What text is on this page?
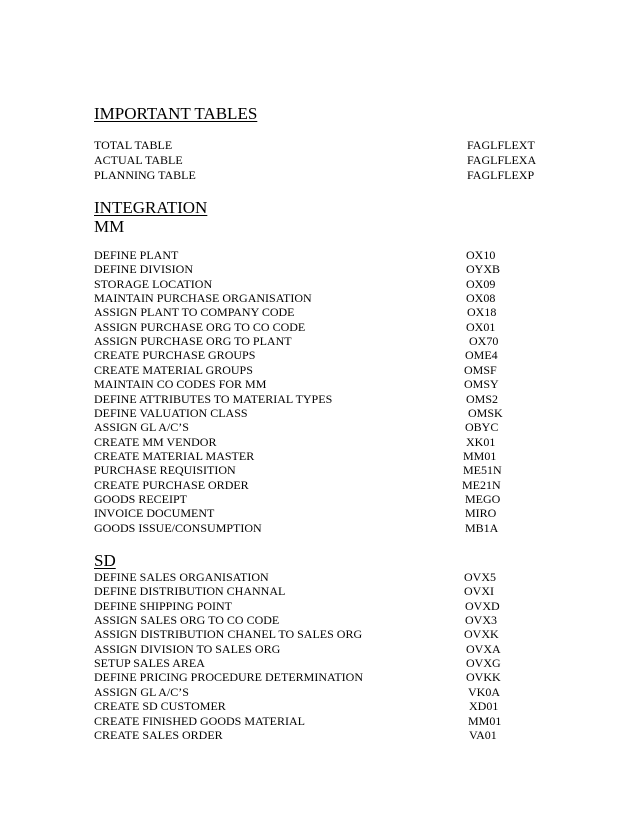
IMPORTANT TABLES
TOTAL TABLE	FAGLFLEXT
ACTUAL TABLE	FAGLFLEXA
PLANNING TABLE	FAGLFLEXP
INTEGRATION
MM
DEFINE PLANT	OX10
DEFINE DIVISION	OYXB
STORAGE LOCATION	OX09
MAINTAIN PURCHASE ORGANISATION	OX08
ASSIGN PLANT TO COMPANY CODE	OX18
ASSIGN PURCHASE ORG TO CO CODE	OX01
ASSIGN PURCHASE ORG TO PLANT	OX70
CREATE PURCHASE GROUPS	OME4
CREATE MATERIAL GROUPS	OMSF
MAINTAIN CO CODES FOR MM	OMSY
DEFINE ATTRIBUTES TO MATERIAL TYPES	OMS2
DEFINE VALUATION CLASS	OMSK
ASSIGN GL A/C’S	OBYC
CREATE MM VENDOR	XK01
CREATE MATERIAL MASTER	MM01
PURCHASE REQUISITION	ME51N
CREATE PURCHASE ORDER	ME21N
GOODS RECEIPT	MEGO
INVOICE DOCUMENT	MIRO
GOODS ISSUE/CONSUMPTION	MB1A
SD
DEFINE SALES ORGANISATION	OVX5
DEFINE DISTRIBUTION CHANNAL	OVXI
DEFINE SHIPPING POINT	OVXD
ASSIGN SALES ORG TO CO CODE	OVX3
ASSIGN DISTRIBUTION CHANEL TO SALES ORG	OVXK
ASSIGN DIVISION TO SALES ORG	OVXA
SETUP SALES AREA	OVXG
DEFINE PRICING PROCEDURE DETERMINATION	OVKK
ASSIGN GL A/C’S	VK0A
CREATE SD CUSTOMER	XD01
CREATE FINISHED GOODS MATERIAL	MM01
CREATE SALES ORDER	VA01
